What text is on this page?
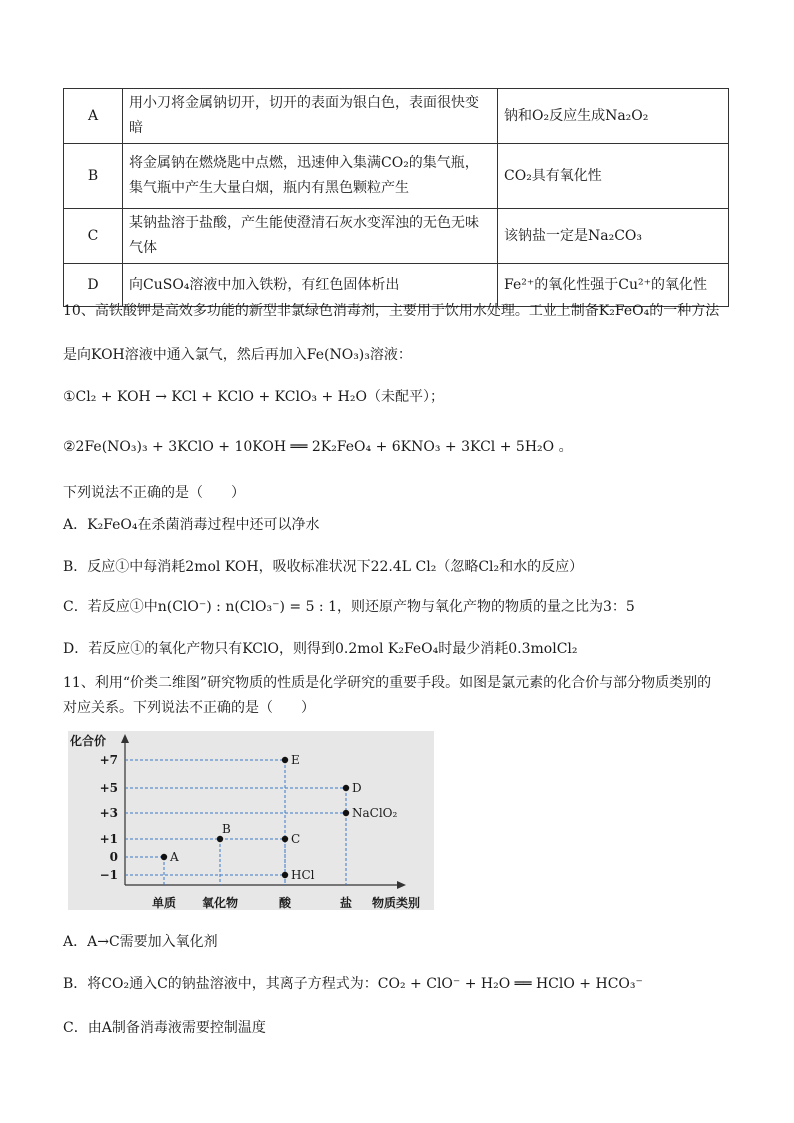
A	用小刀将金属钠切开，切开的表面为银白色，表面很快变暗	钠和O₂反应生成Na₂O₂
B	将金属钠在燃烧匙中点燃，迅速伸入集满CO₂的集气瓶，集气瓶中产生大量白烟，瓶内有黑色颗粒产生	CO₂具有氧化性
C	某钠盐溶于盐酸，产生能使澄清石灰水变浑浊的无色无味气体	该钠盐一定是Na₂CO₃
D	向CuSO₄溶液中加入铁粉，有红色固体析出	Fe²⁺的氧化性强于Cu²⁺的氧化性
10、高铁酸钾是高效多功能的新型非氯绿色消毒剂，主要用于饮用水处理。工业上制备K₂FeO₄的一种方法
是向KOH溶液中通入氯气，然后再加入Fe(NO₃)₃溶液：
①Cl₂ + KOH → KCl + KClO + KClO₃ + H₂O（未配平）；
②2Fe(NO₃)₃ + 3KClO + 10KOH ══ 2K₂FeO₄ + 6KNO₃ + 3KCl + 5H₂O 。
下列说法不正确的是（　　）
A．K₂FeO₄在杀菌消毒过程中还可以净水
B．反应①中每消耗2mol KOH，吸收标准状况下22.4L Cl₂（忽略Cl₂和水的反应）
C．若反应①中n(ClO⁻) : n(ClO₃⁻) = 5 : 1，则还原产物与氧化产物的物质的量之比为3：5
D．若反应①的氧化产物只有KClO，则得到0.2mol K₂FeO₄时最少消耗0.3molCl₂
11、利用“价类二维图”研究物质的性质是化学研究的重要手段。如图是氯元素的化合价与部分物质类别的
对应关系。下列说法不正确的是（　　）
化合价
物质类别
+7
+5
+3
+1
0
−1
单质 氧化物	酸	盐
A
B
C
E
HCl
D
NaClO₂
A．A→C需要加入氧化剂
B．将CO₂通入C的钠盐溶液中，其离子方程式为：CO₂ + ClO⁻ + H₂O ══ HClO + HCO₃⁻
C．由A制备消毒液需要控制温度
